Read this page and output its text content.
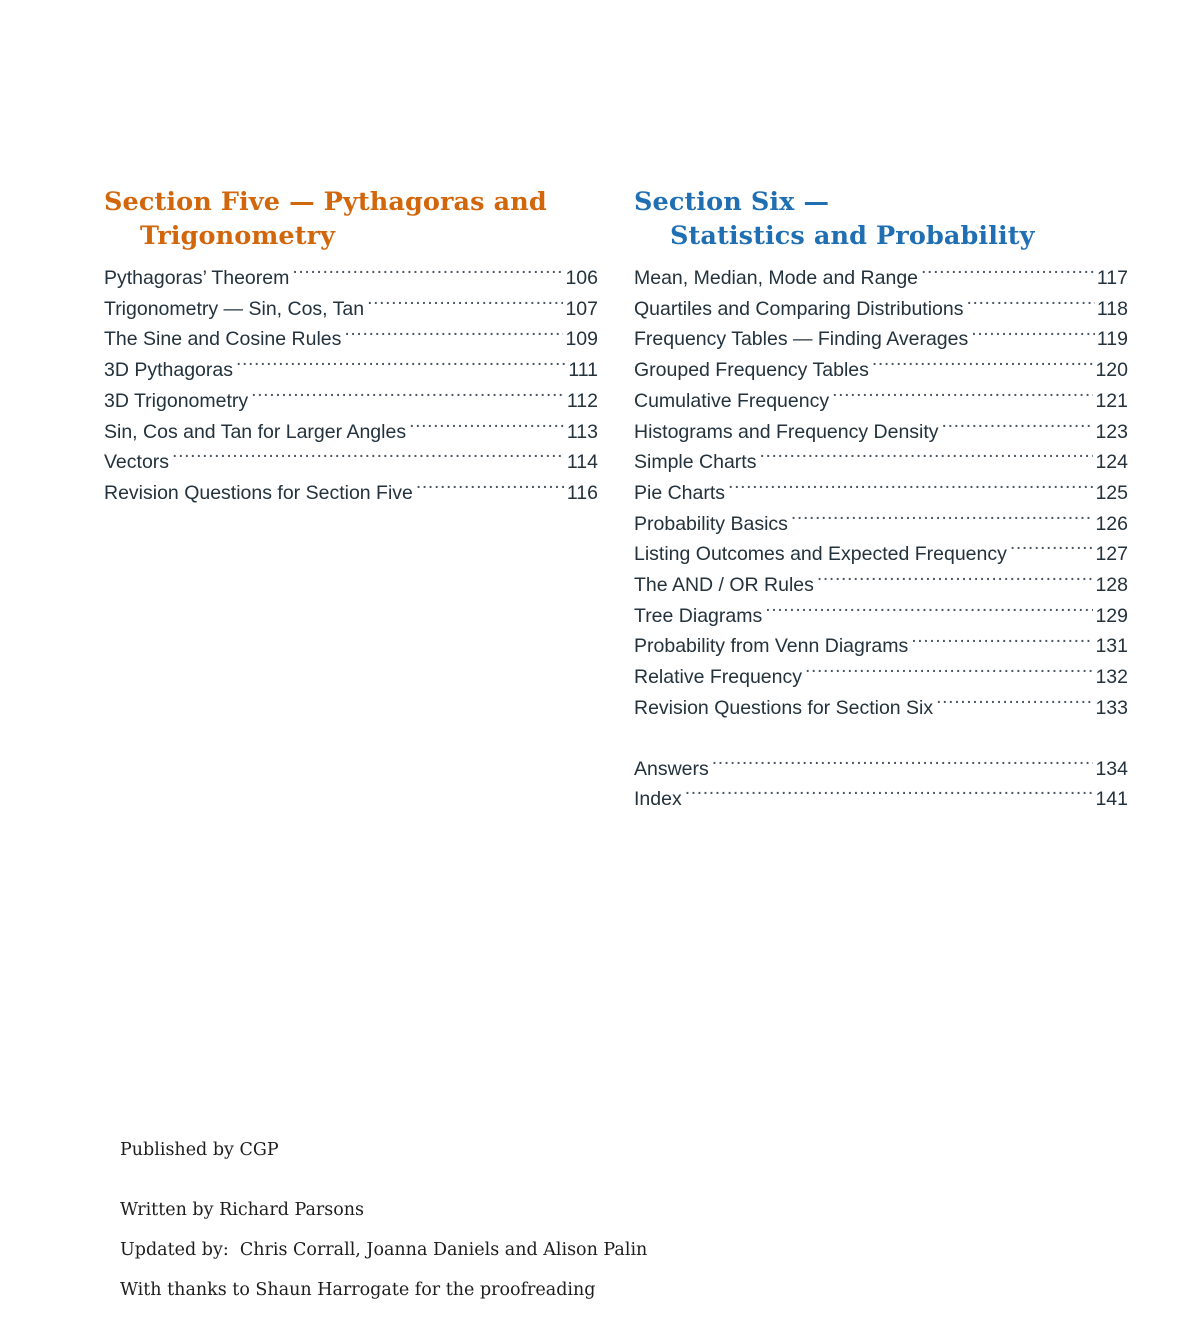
Section Five — Pythagoras and
Trigonometry
Pythagoras’ Theorem .....	106
Trigonometry — Sin, Cos, Tan .....	107
The Sine and Cosine Rules .....	109
3D Pythagoras .....	111
3D Trigonometry .....	112
Sin, Cos and Tan for Larger Angles .....	113
Vectors .....	114
Revision Questions for Section Five .....	116
Section Six —
Statistics and Probability
Mean, Median, Mode and Range .....	117
Quartiles and Comparing Distributions .....	118
Frequency Tables — Finding Averages .....	119
Grouped Frequency Tables .....	120
Cumulative Frequency .....	121
Histograms and Frequency Density .....	123
Simple Charts .....	124
Pie Charts .....	125
Probability Basics .....	126
Listing Outcomes and Expected Frequency .....	127
The AND / OR Rules .....	128
Tree Diagrams .....	129
Probability from Venn Diagrams .....	131
Relative Frequency .....	132
Revision Questions for Section Six .....	133
Answers .....	134
Index .....	141
Published by CGP
Written by Richard Parsons
Updated by:  Chris Corrall, Joanna Daniels and Alison Palin
With thanks to Shaun Harrogate for the proofreading
